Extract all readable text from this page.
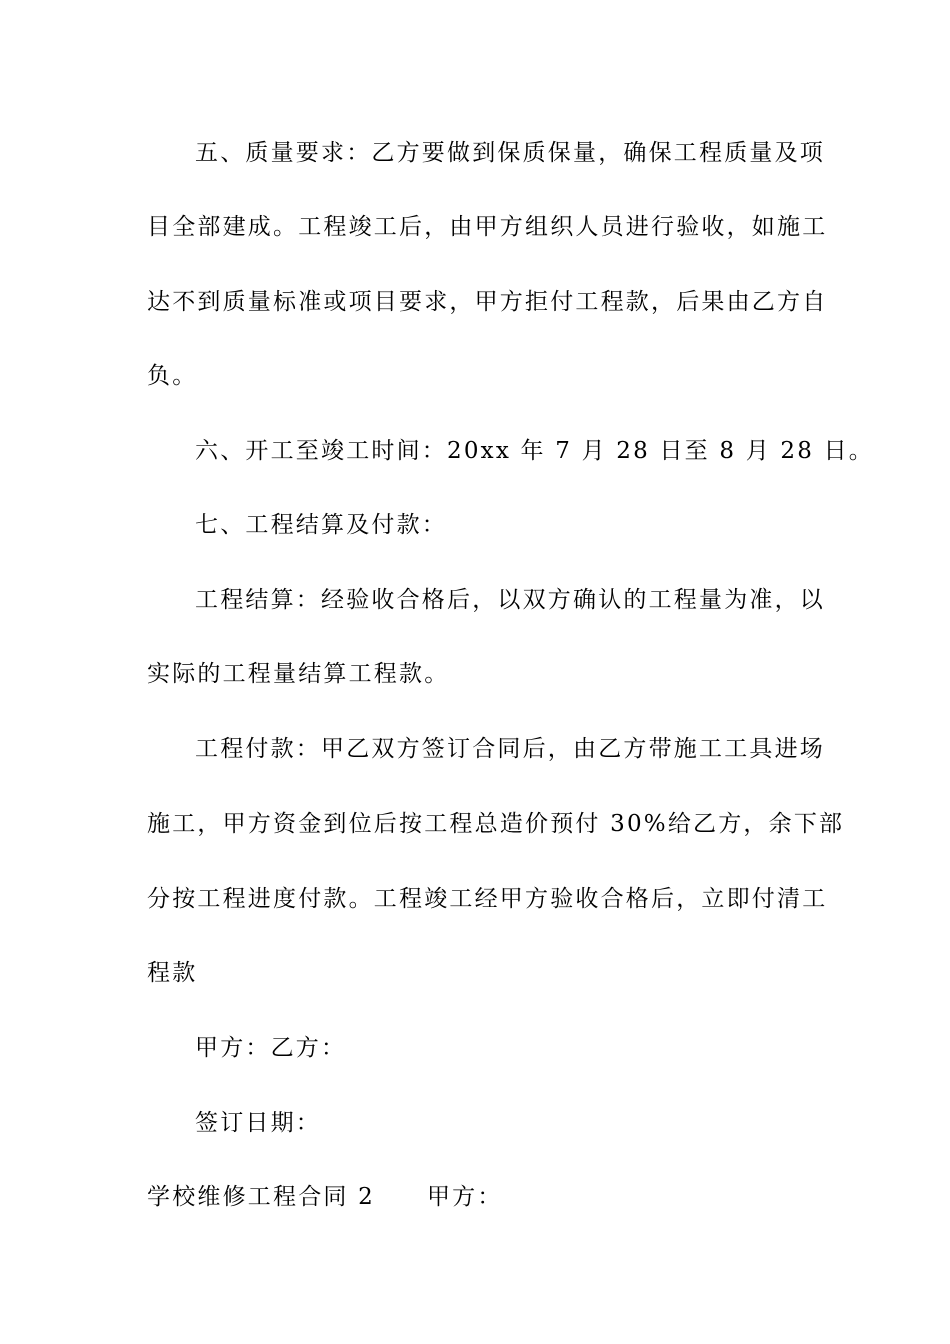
五、质量要求：乙方要做到保质保量，确保工程质量及项
目全部建成。工程竣工后，由甲方组织人员进行验收，如施工
达不到质量标准或项目要求，甲方拒付工程款，后果由乙方自
负。
六、开工至竣工时间：20xx 年 7 月 28 日至 8 月 28 日。
七、工程结算及付款：
工程结算：经验收合格后，以双方确认的工程量为准，以
实际的工程量结算工程款。
工程付款：甲乙双方签订合同后，由乙方带施工工具进场
施工，甲方资金到位后按工程总造价预付 30%给乙方，余下部
分按工程进度付款。工程竣工经甲方验收合格后，立即付清工
程款
甲方：乙方：
签订日期：
学校维修工程合同 2 甲方：
